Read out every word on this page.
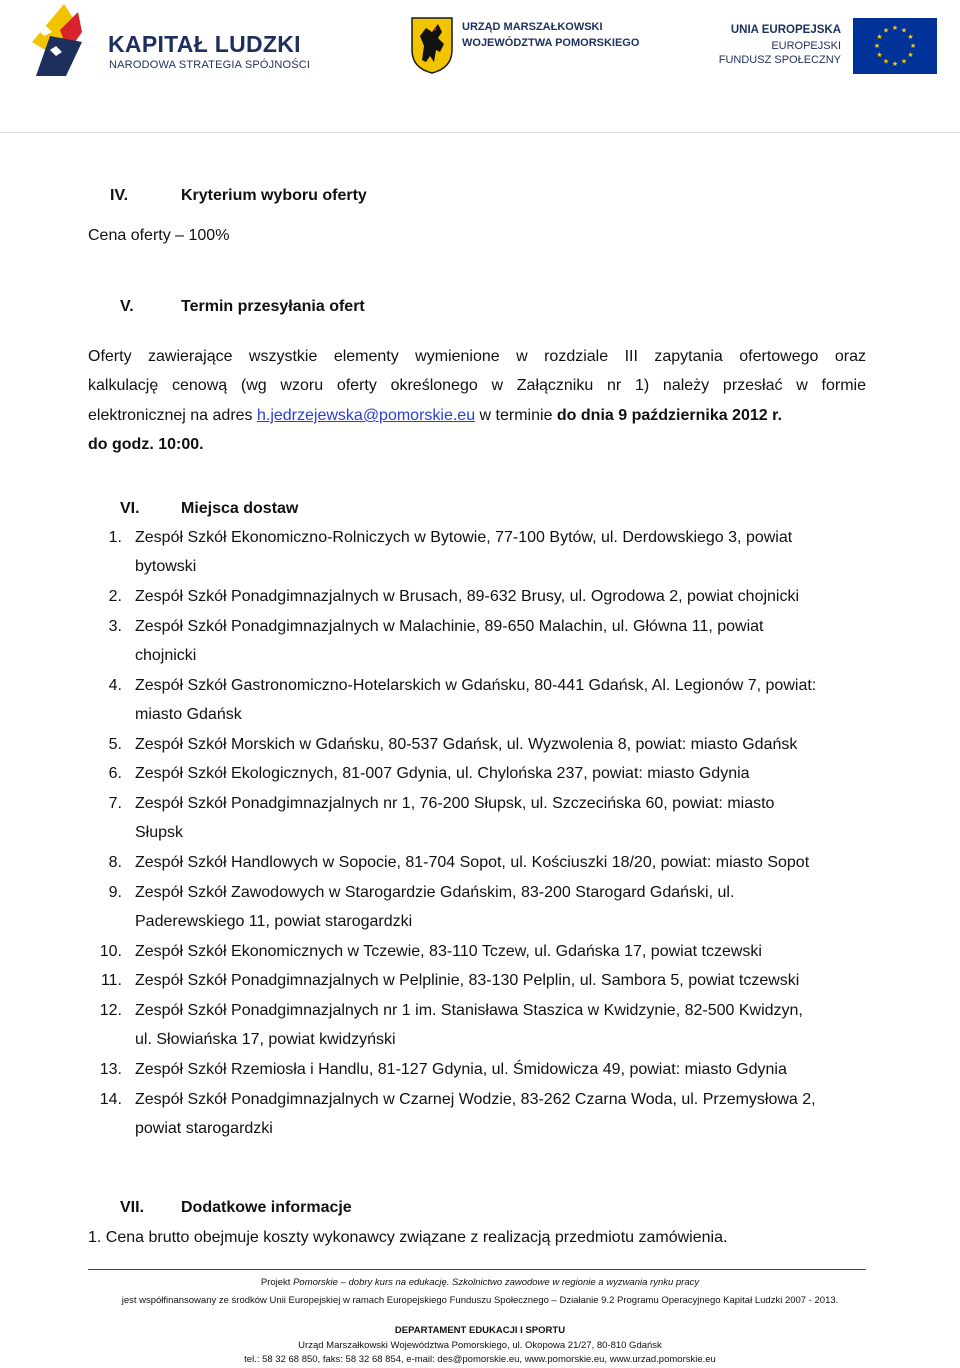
KAPITAŁ LUDZKI
NARODOWA STRATEGIA SPÓJNOŚCI
URZĄD MARSZAŁKOWSKI
WOJEWÓDZTWA POMORSKIEGO
UNIA EUROPEJSKA
EUROPEJSKI
FUNDUSZ SPOŁECZNY
★ ★
★
★
★
★
★
★
★
★
★
★
IV.	Kryterium wyboru oferty
Cena oferty – 100%
V.	Termin przesyłania ofert
Oferty zawierające wszystkie elementy wymienione w rozdziale III zapytania ofertowego oraz
kalkulację cenową (wg wzoru oferty określonego w Załączniku nr 1) należy przesłać w formie
elektronicznej na adres h.jedrzejewska@pomorskie.eu w terminie do dnia 9 października 2012 r.
do godz. 10:00.
VI.	Miejsca dostaw
1. Zespół Szkół Ekonomiczno-Rolniczych w Bytowie, 77-100 Bytów, ul. Derdowskiego 3, powiat
bytowski
2. Zespół Szkół Ponadgimnazjalnych w Brusach, 89-632 Brusy, ul. Ogrodowa 2, powiat chojnicki
3. Zespół Szkół Ponadgimnazjalnych w Malachinie, 89-650 Malachin, ul. Główna 11, powiat
chojnicki
4. Zespół Szkół Gastronomiczno-Hotelarskich w Gdańsku, 80-441 Gdańsk, Al. Legionów 7, powiat:
miasto Gdańsk
5. Zespół Szkół Morskich w Gdańsku, 80-537 Gdańsk, ul. Wyzwolenia 8, powiat: miasto Gdańsk
6. Zespół Szkół Ekologicznych, 81-007 Gdynia, ul. Chylońska 237, powiat: miasto Gdynia
7. Zespół Szkół Ponadgimnazjalnych nr 1, 76-200 Słupsk, ul. Szczecińska 60, powiat: miasto
Słupsk
8. Zespół Szkół Handlowych w Sopocie, 81-704 Sopot, ul. Kościuszki 18/20, powiat: miasto Sopot
9. Zespół Szkół Zawodowych w Starogardzie Gdańskim, 83-200 Starogard Gdański, ul.
Paderewskiego 11, powiat starogardzki
10. Zespół Szkół Ekonomicznych w Tczewie, 83-110 Tczew, ul. Gdańska 17, powiat tczewski
11. Zespół Szkół Ponadgimnazjalnych w Pelplinie, 83-130 Pelplin, ul. Sambora 5, powiat tczewski
12. Zespół Szkół Ponadgimnazjalnych nr 1 im. Stanisława Staszica w Kwidzynie, 82-500 Kwidzyn,
ul. Słowiańska 17, powiat kwidzyński
13. Zespół Szkół Rzemiosła i Handlu, 81-127 Gdynia, ul. Śmidowicza 49, powiat: miasto Gdynia
14. Zespół Szkół Ponadgimnazjalnych w Czarnej Wodzie, 83-262 Czarna Woda, ul. Przemysłowa 2,
powiat starogardzki
VII. Dodatkowe informacje
1. Cena brutto obejmuje koszty wykonawcy związane z realizacją przedmiotu zamówienia.
Projekt Pomorskie – dobry kurs na edukację. Szkolnictwo zawodowe w regionie a wyzwania rynku pracy
jest współfinansowany ze środków Unii Europejskiej w ramach Europejskiego Funduszu Społecznego – Działanie 9.2 Programu Operacyjnego Kapitał Ludzki 2007 - 2013.
DEPARTAMENT EDUKACJI I SPORTU
Urząd Marszałkowski Województwa Pomorskiego, ul. Okopowa 21/27, 80-810 Gdańsk
tel.: 58 32 68 850, faks: 58 32 68 854, e-mail: des@pomorskie.eu, www.pomorskie.eu, www.urzad.pomorskie.eu
